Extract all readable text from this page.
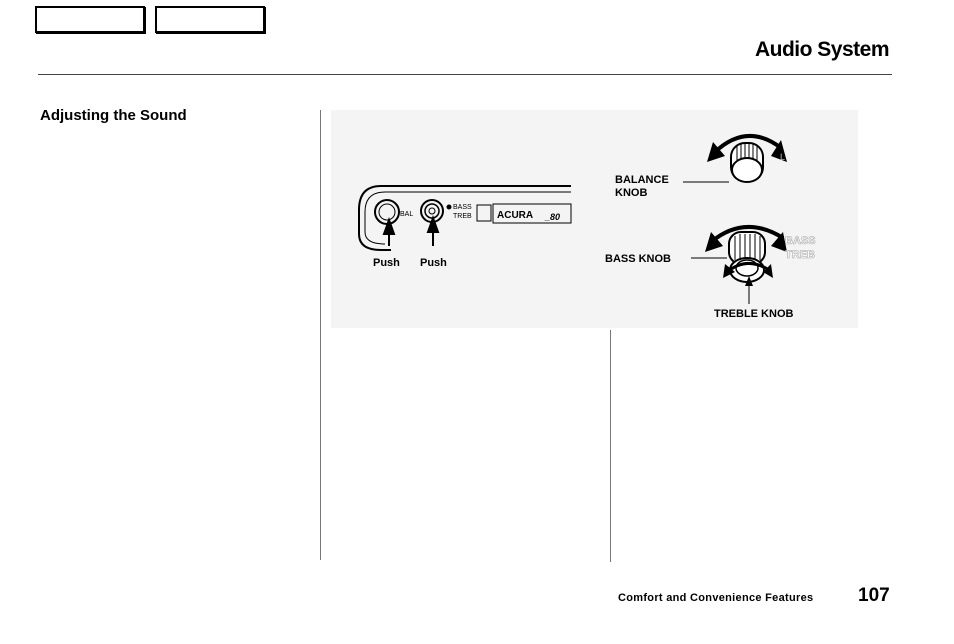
Audio System
Adjusting the Sound
BAL
BASS
TREB	ACURA _80
L
BASS
TREB
Push Push
BALANCE
KNOB
BASS KNOB
TREBLE KNOB
Comfort and Convenience Features 107
